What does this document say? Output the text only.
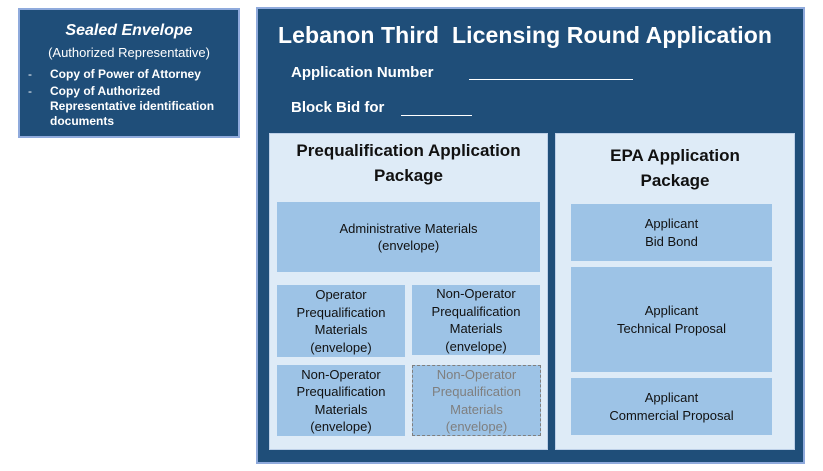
Sealed Envelope
(Authorized Representative)
- Copy of Power of Attorney
- Copy of Authorized Representative identification documents
Lebanon Third  Licensing Round Application
Application Number
Block Bid for
Prequalification Application
Package
Administrative Materials
(envelope)
Operator
Prequalification
Materials
(envelope)
Non-Operator
Prequalification
Materials
(envelope)
Non-Operator
Prequalification
Materials
(envelope)
Non-Operator
Prequalification
Materials
(envelope)
EPA Application
Package
Applicant
Bid Bond
Applicant
Technical Proposal
Applicant
Commercial Proposal
